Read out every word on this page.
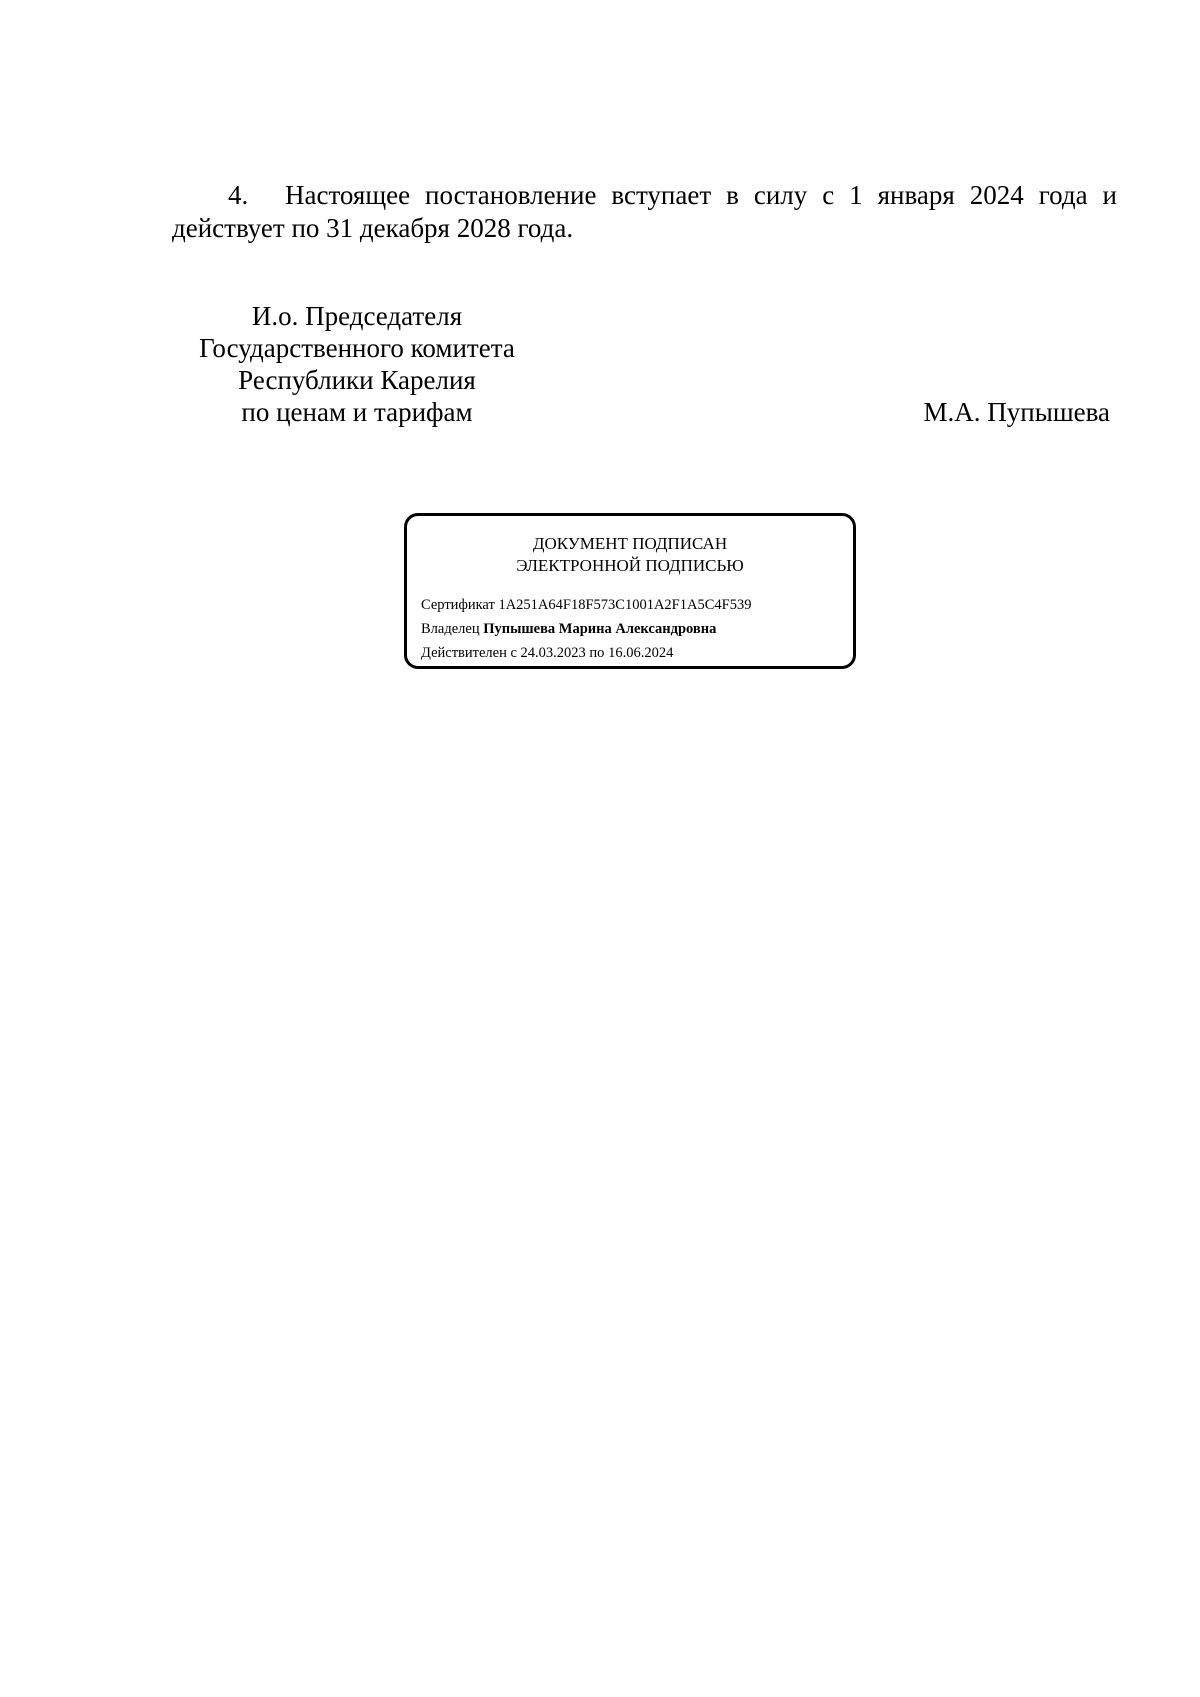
4. Настоящее постановление вступает в силу с 1 января 2024 года и действует по 31 декабря 2028 года.

И.о. Председателя
Государственного комитета
Республики Карелия
по ценам и тарифам	М.А. Пупышева
ДОКУМЕНТ ПОДПИСАН
ЭЛЕКТРОННОЙ ПОДПИСЬЮ
Сертификат 1A251A64F18F573C1001A2F1A5C4F539
Владелец Пупышева Марина Александровна
Действителен с 24.03.2023 по 16.06.2024
